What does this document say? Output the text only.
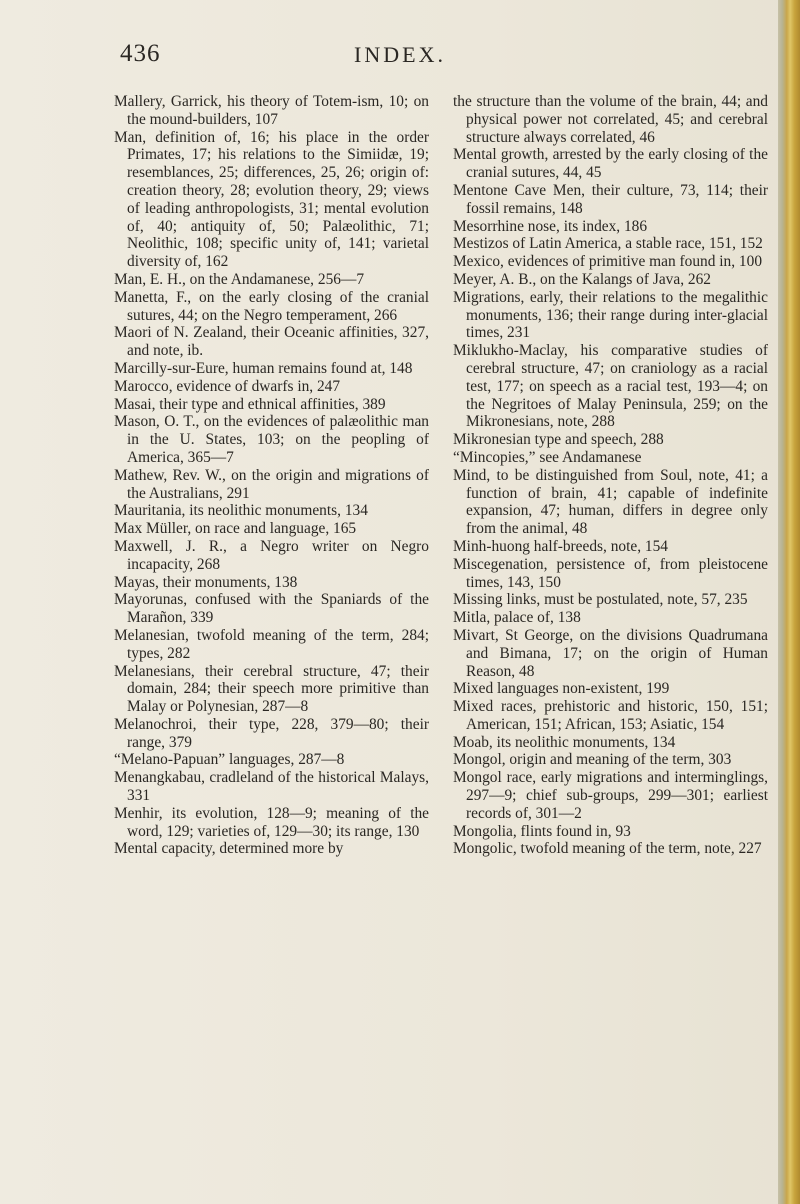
436	INDEX.
Mallery, Garrick, his theory of Totem-ism, 10; on the mound-builders, 107
Man, definition of, 16; his place in the order Primates, 17; his relations to the Simiidæ, 19; resemblances, 25; differences, 25, 26; origin of: creation theory, 28; evolution theory, 29; views of leading anthropologists, 31; mental evolution of, 40; antiquity of, 50; Palæolithic, 71; Neolithic, 108; specific unity of, 141; varietal diversity of, 162
Man, E. H., on the Andamanese, 256—7
Manetta, F., on the early closing of the cranial sutures, 44; on the Negro temperament, 266
Maori of N. Zealand, their Oceanic affinities, 327, and note, ib.
Marcilly-sur-Eure, human remains found at, 148
Marocco, evidence of dwarfs in, 247
Masai, their type and ethnical affinities, 389
Mason, O. T., on the evidences of palæolithic man in the U. States, 103; on the peopling of America, 365—7
Mathew, Rev. W., on the origin and migrations of the Australians, 291
Mauritania, its neolithic monuments, 134
Max Müller, on race and language, 165
Maxwell, J. R., a Negro writer on Negro incapacity, 268
Mayas, their monuments, 138
Mayorunas, confused with the Spaniards of the Marañon, 339
Melanesian, twofold meaning of the term, 284; types, 282
Melanesians, their cerebral structure, 47; their domain, 284; their speech more primitive than Malay or Polynesian, 287—8
Melanochroi, their type, 228, 379—80; their range, 379
“Melano-Papuan” languages, 287—8
Menangkabau, cradleland of the historical Malays, 331
Menhir, its evolution, 128—9; meaning of the word, 129; varieties of, 129—30; its range, 130
Mental capacity, determined more by
the structure than the volume of the brain, 44; and physical power not correlated, 45; and cerebral structure always correlated, 46
Mental growth, arrested by the early closing of the cranial sutures, 44, 45
Mentone Cave Men, their culture, 73, 114; their fossil remains, 148
Mesorrhine nose, its index, 186
Mestizos of Latin America, a stable race, 151, 152
Mexico, evidences of primitive man found in, 100
Meyer, A. B., on the Kalangs of Java, 262
Migrations, early, their relations to the megalithic monuments, 136; their range during inter-glacial times, 231
Miklukho-Maclay, his comparative studies of cerebral structure, 47; on craniology as a racial test, 177; on speech as a racial test, 193—4; on the Negritoes of Malay Peninsula, 259; on the Mikronesians, note, 288
Mikronesian type and speech, 288
“Mincopies,” see Andamanese
Mind, to be distinguished from Soul, note, 41; a function of brain, 41; capable of indefinite expansion, 47; human, differs in degree only from the animal, 48
Minh-huong half-breeds, note, 154
Miscegenation, persistence of, from pleistocene times, 143, 150
Missing links, must be postulated, note, 57, 235
Mitla, palace of, 138
Mivart, St George, on the divisions Quadrumana and Bimana, 17; on the origin of Human Reason, 48
Mixed languages non-existent, 199
Mixed races, prehistoric and historic, 150, 151; American, 151; African, 153; Asiatic, 154
Moab, its neolithic monuments, 134
Mongol, origin and meaning of the term, 303
Mongol race, early migrations and interminglings, 297—9; chief sub-groups, 299—301; earliest records of, 301—2
Mongolia, flints found in, 93
Mongolic, twofold meaning of the term, note, 227
